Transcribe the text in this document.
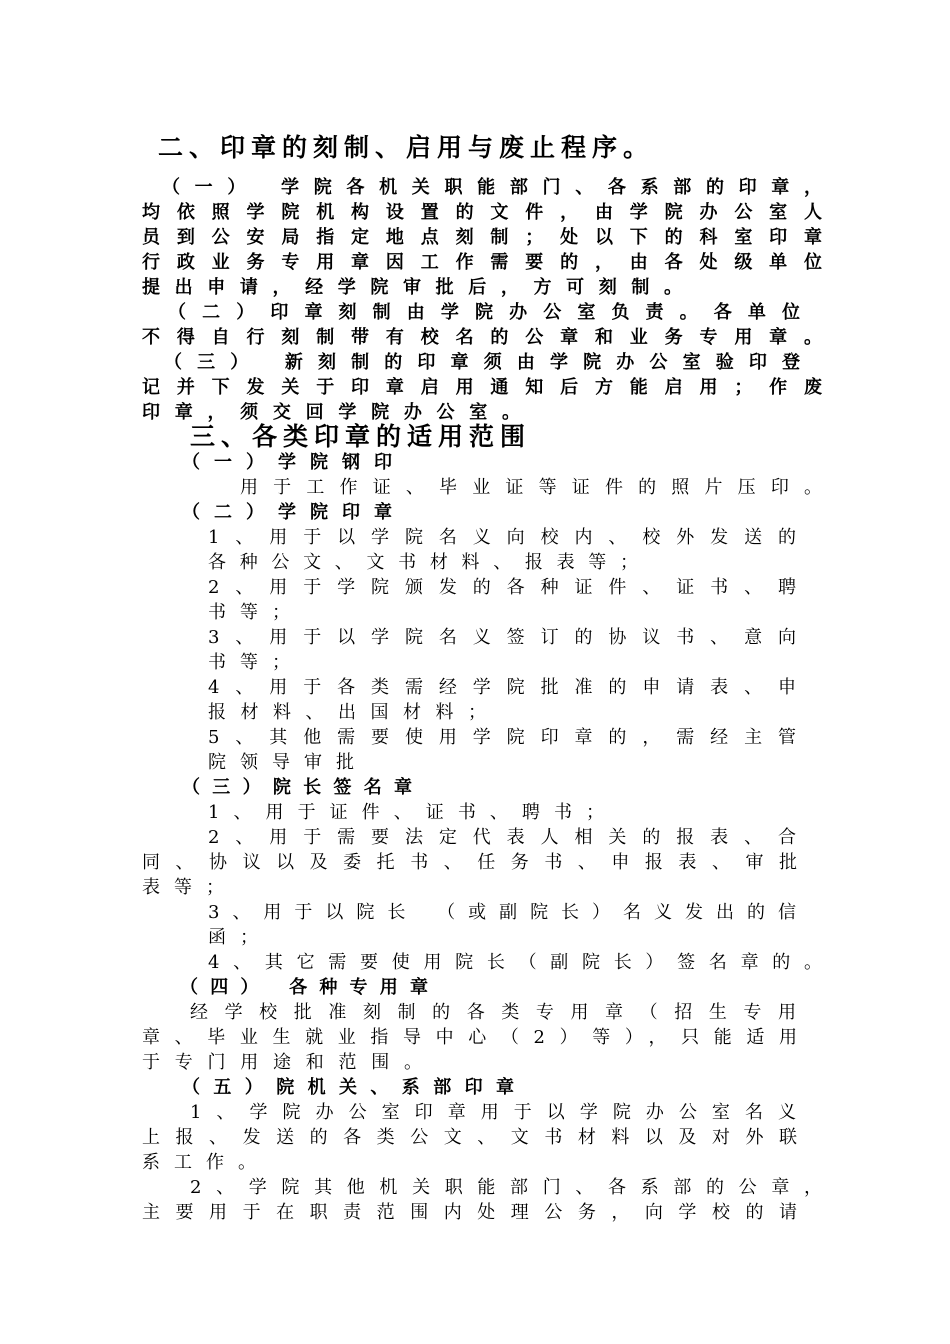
二、印章的刻制、启用与废止程序。
（一） 学院各机关职能部门、各系部的印章，
均依照学院机构设置的文件，由学院办公室人
员到公安局指定地点刻制；处以下的科室印章
行政业务专用章因工作需要的，由各处级单位
提出申请，经学院审批后，方可刻制。
（二）印章刻制由学院办公室负责。各单位
不得自行刻制带有校名的公章和业务专用章。
（三） 新刻制的印章须由学院办公室验印登
记并下发关于印章启用通知后方能启用；作废
印章，须交回学院办公室。
三、各类印章的适用范围
（一）学院钢印
用于工作证、毕业证等证件的照片压印。
（二）学院印章
1、用于以学院名义向校内、校外发送的
各种公文、文书材料、报表等；
2、用于学院颁发的各种证件、证书、聘
书等；
3、用于以学院名义签订的协议书、意向
书等；
4、用于各类需经学院批准的申请表、申
报材料、出国材料；
5、其他需要使用学院印章的，需经主管
院领导审批
（三）院长签名章
1、用于证件、证书、聘书；
2、用于需要法定代表人相关的报表、合
同、协议以及委托书、任务书、申报表、审批
表等；
3、用于以院长 （或副院长）名义发出的信
函；
4、其它需要使用院长（副院长）签名章的。
（四） 各种专用章
经学校批准刻制的各类专用章（招生专用
章、毕业生就业指导中心（2）等），只能适用
于专门用途和范围。
（五）院机关、系部印章
1、学院办公室印章用于以学院办公室名义
上报、发送的各类公文、文书材料以及对外联
系工作。
2、学院其他机关职能部门、各系部的公章，
主要用于在职责范围内处理公务，向学校的请
